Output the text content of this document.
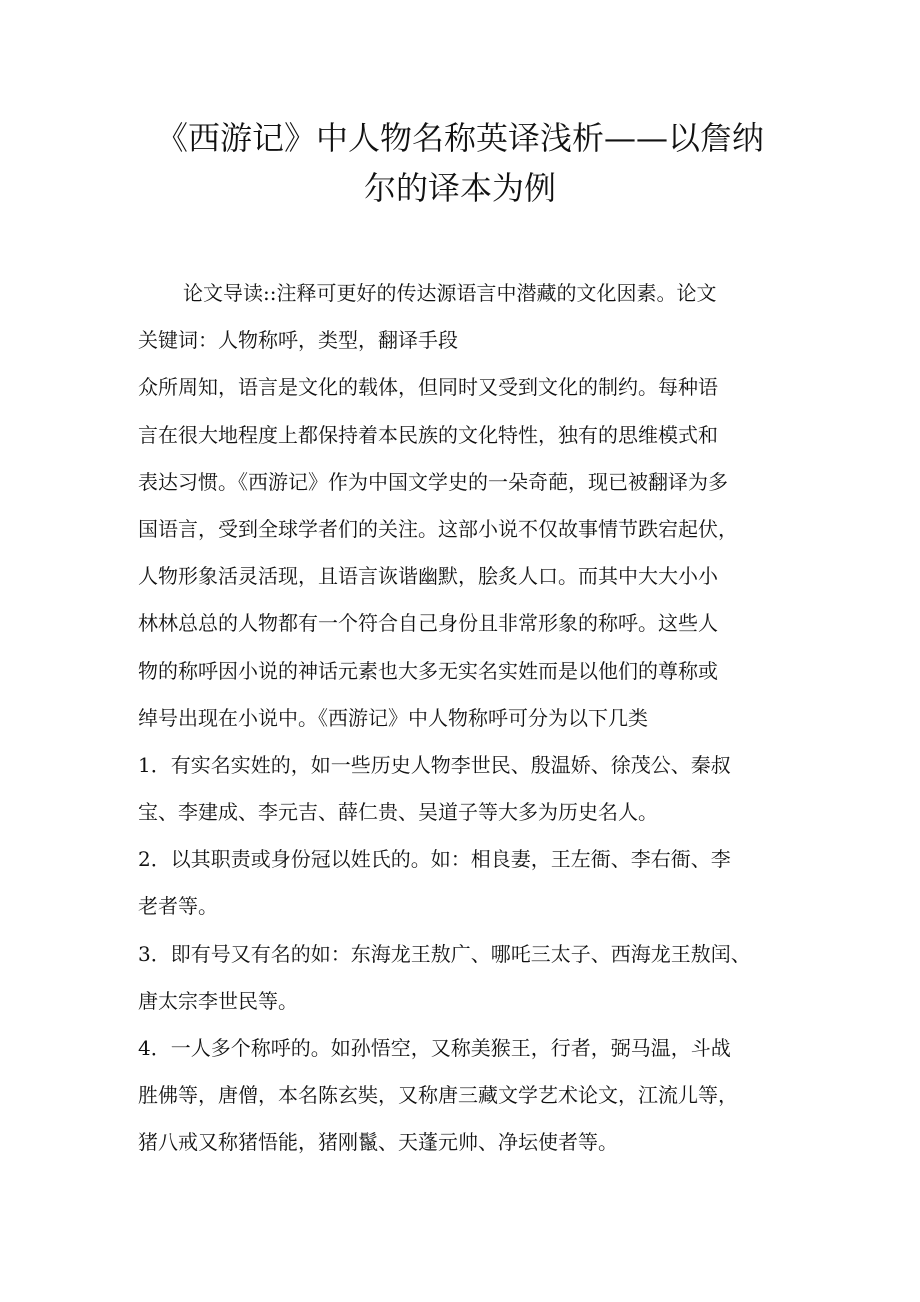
《西游记》中人物名称英译浅析——以詹纳
尔的译本为例

论文导读::注释可更好的传达源语言中潜藏的文化因素。论文

关键词：人物称呼，类型，翻译手段

众所周知，语言是文化的载体，但同时又受到文化的制约。每种语

言在很大地程度上都保持着本民族的文化特性，独有的思维模式和

表达习惯。《西游记》作为中国文学史的一朵奇葩，现已被翻译为多

国语言，受到全球学者们的关注。这部小说不仅故事情节跌宕起伏，

人物形象活灵活现，且语言诙谐幽默，脍炙人口。而其中大大小小

林林总总的人物都有一个符合自己身份且非常形象的称呼。这些人

物的称呼因小说的神话元素也大多无实名实姓而是以他们的尊称或

绰号出现在小说中。《西游记》中人物称呼可分为以下几类

1．有实名实姓的，如一些历史人物李世民、殷温娇、徐茂公、秦叔

宝、李建成、李元吉、薛仁贵、吴道子等大多为历史名人。

2．以其职责或身份冠以姓氏的。如：相良妻，王左衙、李右衙、李

老者等。

3．即有号又有名的如：东海龙王敖广、哪吒三太子、西海龙王敖闰、

唐太宗李世民等。

4．一人多个称呼的。如孙悟空，又称美猴王，行者，弼马温，斗战

胜佛等，唐僧，本名陈玄奘，又称唐三藏文学艺术论文，江流儿等，

猪八戒又称猪悟能，猪刚鬣、天蓬元帅、净坛使者等。
